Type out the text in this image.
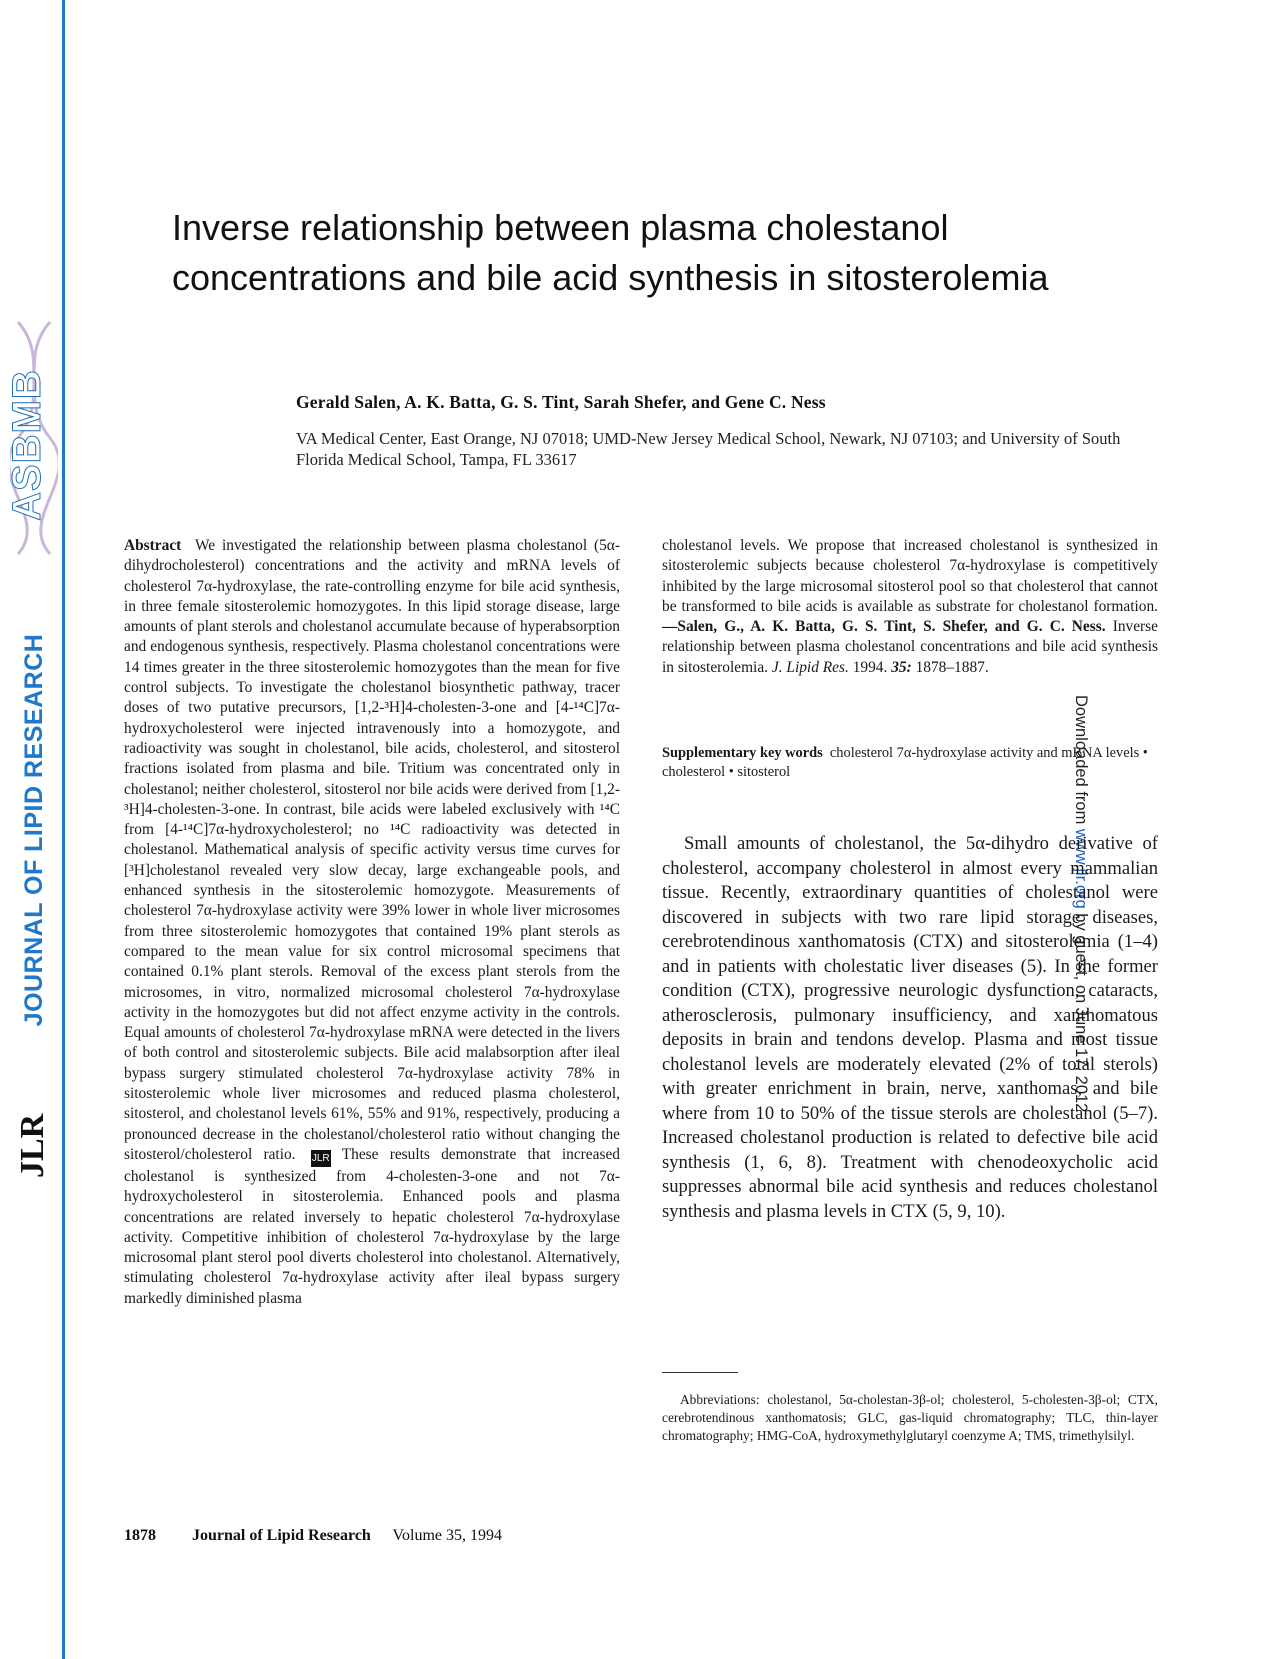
ASBMB
JOURNAL OF LIPID RESEARCH
JLR
Downloaded from www.jlr.org by guest, on June 17, 2012
Inverse relationship between plasma cholestanol concentrations and bile acid synthesis in sitosterolemia
Gerald Salen, A. K. Batta, G. S. Tint, Sarah Shefer, and Gene C. Ness
VA Medical Center, East Orange, NJ 07018; UMD-New Jersey Medical School, Newark, NJ 07103; and University of South Florida Medical School, Tampa, FL 33617
Abstract We investigated the relationship between plasma cholestanol (5α-dihydrocholesterol) concentrations and the activity and mRNA levels of cholesterol 7α-hydroxylase, the rate-controlling enzyme for bile acid synthesis, in three female sitosterolemic homozygotes. In this lipid storage disease, large amounts of plant sterols and cholestanol accumulate because of hyperabsorption and endogenous synthesis, respectively. Plasma cholestanol concentrations were 14 times greater in the three sitosterolemic homozygotes than the mean for five control subjects. To investigate the cholestanol biosynthetic pathway, tracer doses of two putative precursors, [1,2-³H]4-cholesten-3-one and [4-¹⁴C]7α-hydroxycholesterol were injected intravenously into a homozygote, and radioactivity was sought in cholestanol, bile acids, cholesterol, and sitosterol fractions isolated from plasma and bile. Tritium was concentrated only in cholestanol; neither cholesterol, sitosterol nor bile acids were derived from [1,2-³H]4-cholesten-3-one. In contrast, bile acids were labeled exclusively with ¹⁴C from [4-¹⁴C]7α-hydroxycholesterol; no ¹⁴C radioactivity was detected in cholestanol. Mathematical analysis of specific activity versus time curves for [³H]cholestanol revealed very slow decay, large exchangeable pools, and enhanced synthesis in the sitosterolemic homozygote. Measurements of cholesterol 7α-hydroxylase activity were 39% lower in whole liver microsomes from three sitosterolemic homozygotes that contained 19% plant sterols as compared to the mean value for six control microsomal specimens that contained 0.1% plant sterols. Removal of the excess plant sterols from the microsomes, in vitro, normalized microsomal cholesterol 7α-hydroxylase activity in the homozygotes but did not affect enzyme activity in the controls. Equal amounts of cholesterol 7α-hydroxylase mRNA were detected in the livers of both control and sitosterolemic subjects. Bile acid malabsorption after ileal bypass surgery stimulated cholesterol 7α-hydroxylase activity 78% in sitosterolemic whole liver microsomes and reduced plasma cholesterol, sitosterol, and cholestanol levels 61%, 55% and 91%, respectively, producing a pronounced decrease in the cholestanol/cholesterol ratio without changing the sitosterol/cholesterol ratio. JLR These results demonstrate that increased cholestanol is synthesized from 4-cholesten-3-one and not 7α-hydroxycholesterol in sitosterolemia. Enhanced pools and plasma concentrations are related inversely to hepatic cholesterol 7α-hydroxylase activity. Competitive inhibition of cholesterol 7α-hydroxylase by the large microsomal plant sterol pool diverts cholesterol into cholestanol. Alternatively, stimulating cholesterol 7α-hydroxylase activity after ileal bypass surgery markedly diminished plasma
cholestanol levels. We propose that increased cholestanol is synthesized in sitosterolemic subjects because cholesterol 7α-hydroxylase is competitively inhibited by the large microsomal sitosterol pool so that cholesterol that cannot be transformed to bile acids is available as substrate for cholestanol formation. —Salen, G., A. K. Batta, G. S. Tint, S. Shefer, and G. C. Ness. Inverse relationship between plasma cholestanol concentrations and bile acid synthesis in sitosterolemia. J. Lipid Res. 1994. 35: 1878–1887.
Supplementary key words cholesterol 7α-hydroxylase activity and mRNA levels • cholesterol • sitosterol
Small amounts of cholestanol, the 5α-dihydro derivative of cholesterol, accompany cholesterol in almost every mammalian tissue. Recently, extraordinary quantities of cholestanol were discovered in subjects with two rare lipid storage diseases, cerebrotendinous xanthomatosis (CTX) and sitosterolemia (1–4) and in patients with cholestatic liver diseases (5). In the former condition (CTX), progressive neurologic dysfunction, cataracts, atherosclerosis, pulmonary insufficiency, and xanthomatous deposits in brain and tendons develop. Plasma and most tissue cholestanol levels are moderately elevated (2% of total sterols) with greater enrichment in brain, nerve, xanthomas, and bile where from 10 to 50% of the tissue sterols are cholestanol (5–7). Increased cholestanol production is related to defective bile acid synthesis (1, 6, 8). Treatment with chenodeoxycholic acid suppresses abnormal bile acid synthesis and reduces cholestanol synthesis and plasma levels in CTX (5, 9, 10).
Abbreviations: cholestanol, 5α-cholestan-3β-ol; cholesterol, 5-cholesten-3β-ol; CTX, cerebrotendinous xanthomatosis; GLC, gas-liquid chromatography; TLC, thin-layer chromatography; HMG-CoA, hydroxymethylglutaryl coenzyme A; TMS, trimethylsilyl.
1878 Journal of Lipid Research Volume 35, 1994
